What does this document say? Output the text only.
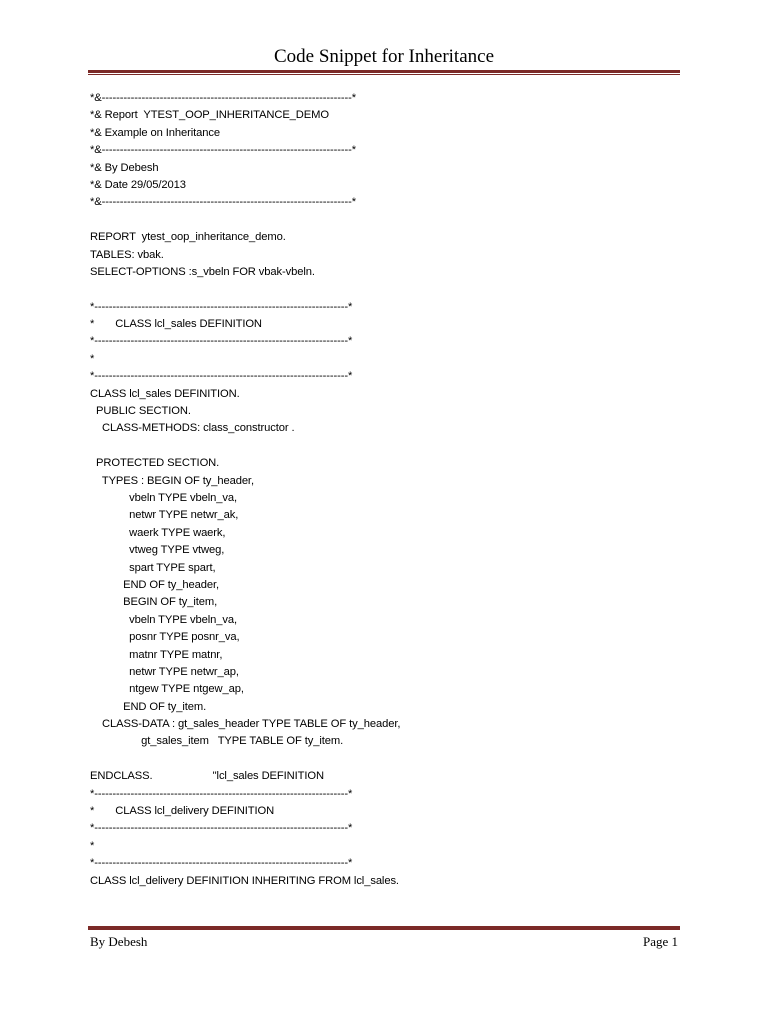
Code Snippet for Inheritance
*&---------------------------------------------------------------------*
*& Report  YTEST_OOP_INHERITANCE_DEMO
*& Example on Inheritance
*&---------------------------------------------------------------------*
*& By Debesh
*& Date 29/05/2013
*&---------------------------------------------------------------------*
REPORT  ytest_oop_inheritance_demo.
TABLES: vbak.
SELECT-OPTIONS :s_vbeln FOR vbak-vbeln.
*----------------------------------------------------------------------*
*       CLASS lcl_sales DEFINITION
*----------------------------------------------------------------------*
*
*----------------------------------------------------------------------*
CLASS lcl_sales DEFINITION.
PUBLIC SECTION.
CLASS-METHODS: class_constructor .
PROTECTED SECTION.
TYPES : BEGIN OF ty_header,
vbeln TYPE vbeln_va,
netwr TYPE netwr_ak,
waerk TYPE waerk,
vtweg TYPE vtweg,
spart TYPE spart,
END OF ty_header,
BEGIN OF ty_item,
vbeln TYPE vbeln_va,
posnr TYPE posnr_va,
matnr TYPE matnr,
netwr TYPE netwr_ap,
ntgew TYPE ntgew_ap,
END OF ty_item.
CLASS-DATA : gt_sales_header TYPE TABLE OF ty_header,
gt_sales_item   TYPE TABLE OF ty_item.
ENDCLASS.                    "lcl_sales DEFINITION
*----------------------------------------------------------------------*
*       CLASS lcl_delivery DEFINITION
*----------------------------------------------------------------------*
*
*----------------------------------------------------------------------*
CLASS lcl_delivery DEFINITION INHERITING FROM lcl_sales.
By Debesh	Page 1
